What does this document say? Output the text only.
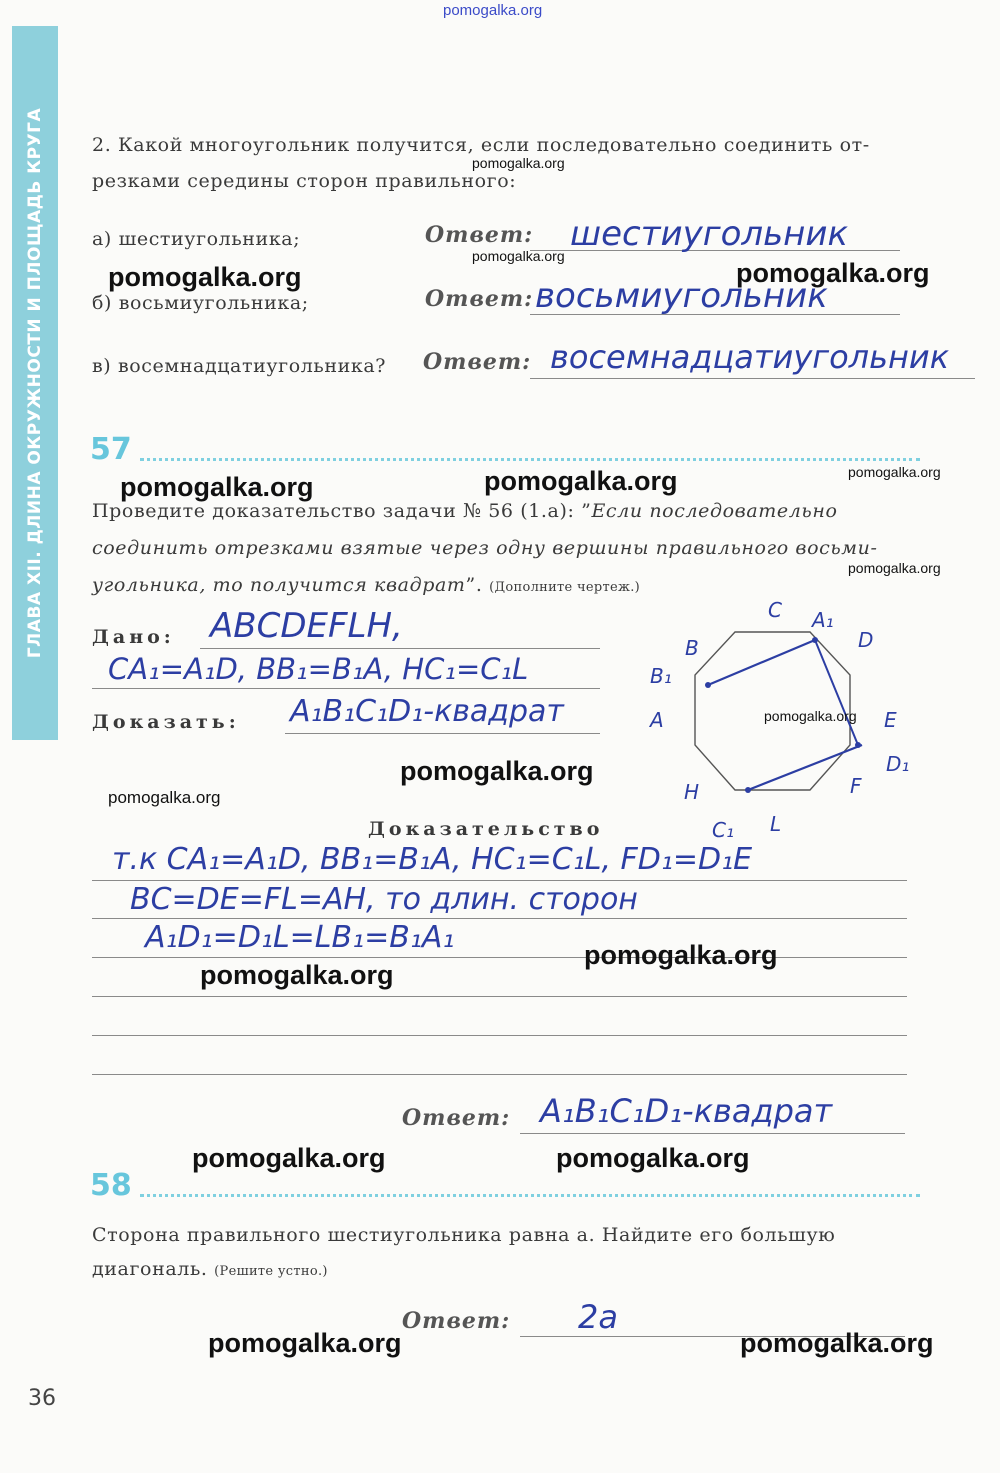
pomogalka.org
ГЛАВА XII. ДЛИНА ОКРУЖНОСТИ И ПЛОЩАДЬ КРУГА 2. Какой многоугольник получится, если последовательно соединить от-
резками середины сторон правильного:
а) шестиугольника;	Ответ: шестиугольник
б) восьмиугольника;	Ответ: восьмиугольник
в) восемнадцатиугольника? Ответ: восемнадцатиугольник
57
Проведите доказательство задачи № 56 (1.а): ”Если последовательно
соединить отрезками взятые через одну вершины правильного восьми-
угольника, то получится квадрат”. (Дополните чертеж.)
Дано: ABCDEFLH,
CA₁=A₁D, BB₁=B₁A, HC₁=C₁L
Доказать: A₁B₁C₁D₁-квадрат
C A₁
D
B
B₁
A	E
D₁
H	F
C₁ L
Доказательство
т.к CA₁=A₁D, BB₁=B₁A, HC₁=C₁L, FD₁=D₁E
BC=DE=FL=AH, то длин. сторон
A₁D₁=D₁L=LB₁=B₁A₁
Ответ: A₁B₁C₁D₁-квадрат
58
Сторона правильного шестиугольника равна a. Найдите его большую
диагональ. (Решите устно.)
Ответ: 2a
36
pomogalka.org
pomogalka.org
pomogalka.org	pomogalka.org
pomogalka.org	pomogalka.org	pomogalka.org
pomogalka.org
pomogalka.org
pomogalka.org
pomogalka.org
pomogalka.org
pomogalka.org
pomogalka.org	pomogalka.org
pomogalka.org	pomogalka.org
